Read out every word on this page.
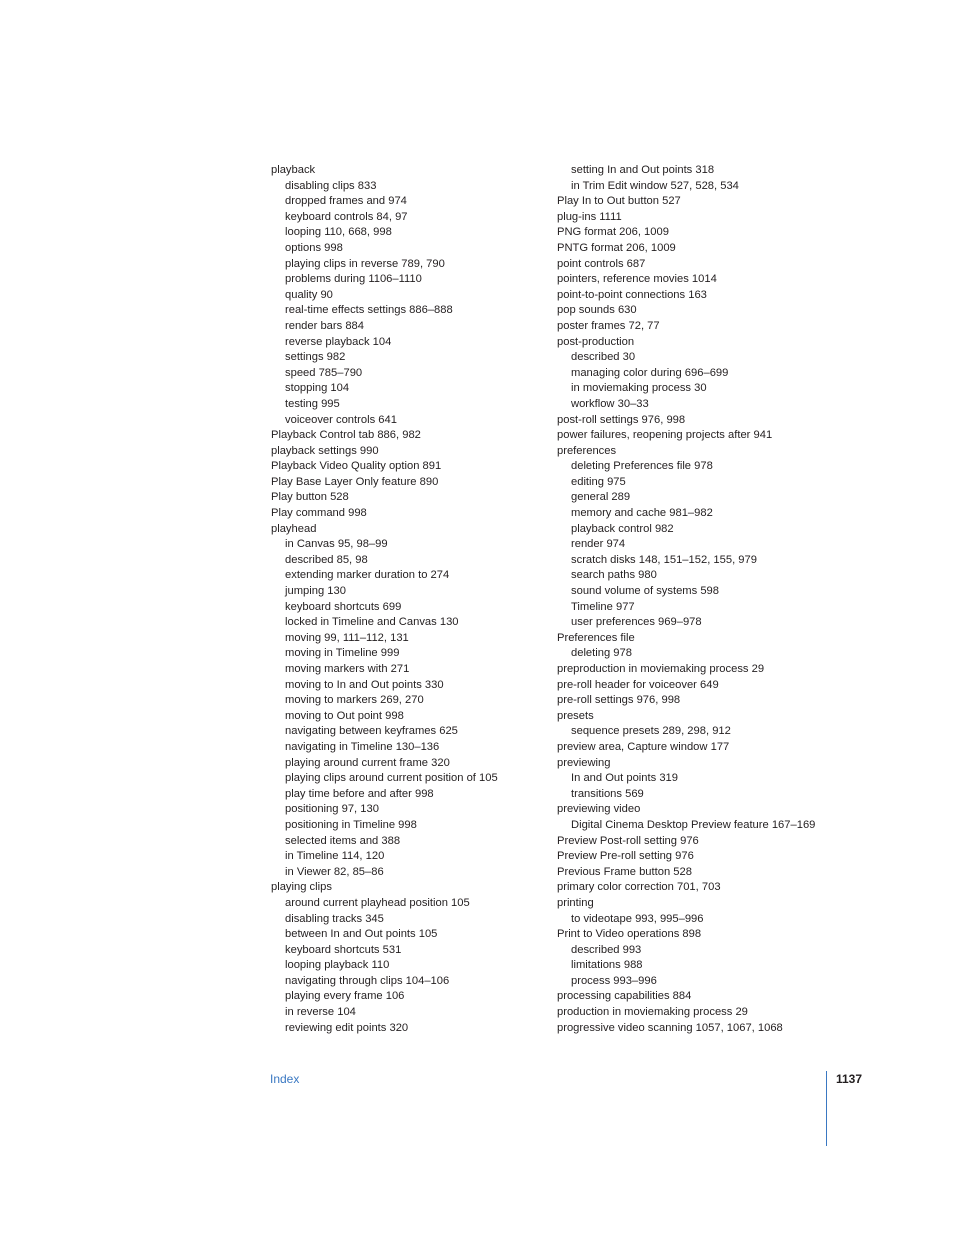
playback
disabling clips 833
dropped frames and 974
keyboard controls 84, 97
looping 110, 668, 998
options 998
playing clips in reverse 789, 790
problems during 1106–1110
quality 90
real-time effects settings 886–888
render bars 884
reverse playback 104
settings 982
speed 785–790
stopping 104
testing 995
voiceover controls 641
Playback Control tab 886, 982
playback settings 990
Playback Video Quality option 891
Play Base Layer Only feature 890
Play button 528
Play command 998
playhead
in Canvas 95, 98–99
described 85, 98
extending marker duration to 274
jumping 130
keyboard shortcuts 699
locked in Timeline and Canvas 130
moving 99, 111–112, 131
moving in Timeline 999
moving markers with 271
moving to In and Out points 330
moving to markers 269, 270
moving to Out point 998
navigating between keyframes 625
navigating in Timeline 130–136
playing around current frame 320
playing clips around current position of 105
play time before and after 998
positioning 97, 130
positioning in Timeline 998
selected items and 388
in Timeline 114, 120
in Viewer 82, 85–86
playing clips
around current playhead position 105
disabling tracks 345
between In and Out points 105
keyboard shortcuts 531
looping playback 110
navigating through clips 104–106
playing every frame 106
in reverse 104
reviewing edit points 320
setting In and Out points 318
in Trim Edit window 527, 528, 534
Play In to Out button 527
plug-ins 1111
PNG format 206, 1009
PNTG format 206, 1009
point controls 687
pointers, reference movies 1014
point-to-point connections 163
pop sounds 630
poster frames 72, 77
post-production
described 30
managing color during 696–699
in moviemaking process 30
workflow 30–33
post-roll settings 976, 998
power failures, reopening projects after 941
preferences
deleting Preferences file 978
editing 975
general 289
memory and cache 981–982
playback control 982
render 974
scratch disks 148, 151–152, 155, 979
search paths 980
sound volume of systems 598
Timeline 977
user preferences 969–978
Preferences file
deleting 978
preproduction in moviemaking process 29
pre-roll header for voiceover 649
pre-roll settings 976, 998
presets
sequence presets 289, 298, 912
preview area, Capture window 177
previewing
In and Out points 319
transitions 569
previewing video
Digital Cinema Desktop Preview feature 167–169
Preview Post-roll setting 976
Preview Pre-roll setting 976
Previous Frame button 528
primary color correction 701, 703
printing
to videotape 993, 995–996
Print to Video operations 898
described 993
limitations 988
process 993–996
processing capabilities 884
production in moviemaking process 29
progressive video scanning 1057, 1067, 1068
Index	1137
